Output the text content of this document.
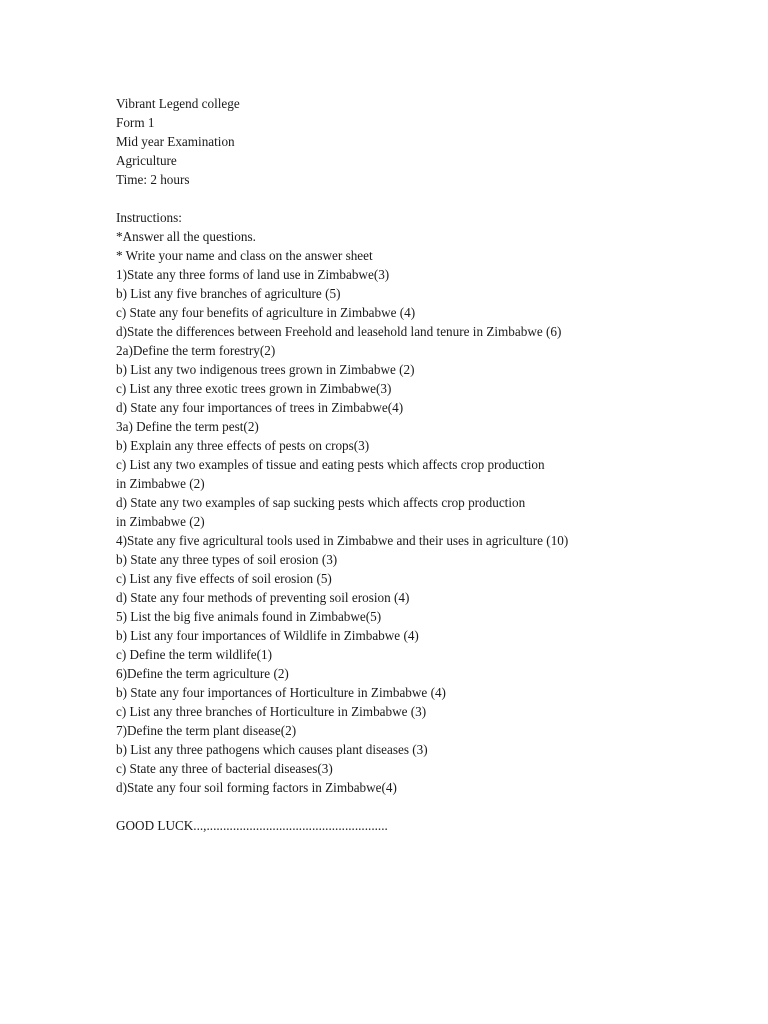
Vibrant Legend college
Form 1
Mid year Examination
Agriculture
Time: 2 hours
Instructions:
*Answer all the questions.
* Write your name and class on the answer sheet
1)State any three forms of land use in Zimbabwe(3)
b) List any five branches of agriculture (5)
c) State any four benefits of agriculture in Zimbabwe (4)
d)State the differences between Freehold and leasehold land tenure in Zimbabwe (6)
2a)Define the term forestry(2)
b) List any two indigenous trees grown in Zimbabwe (2)
c) List any three exotic trees grown in Zimbabwe(3)
d) State any four importances of trees in Zimbabwe(4)
3a) Define the term pest(2)
b) Explain any three effects of pests on crops(3)
c) List any two examples of tissue and eating pests which affects crop production
in Zimbabwe (2)
d) State any two examples of sap sucking pests which affects crop production
in Zimbabwe (2)
4)State any five agricultural tools used in Zimbabwe and their uses in agriculture (10)
b) State any three types of soil erosion (3)
c) List any five effects of soil erosion (5)
d) State any four methods of preventing soil erosion (4)
5) List the big five animals found in Zimbabwe(5)
b) List any four importances of Wildlife in Zimbabwe (4)
c) Define the term wildlife(1)
6)Define the term agriculture (2)
b) State any four importances of Horticulture in Zimbabwe (4)
c) List any three branches of Horticulture in Zimbabwe (3)
7)Define the term plant disease(2)
b) List any three pathogens which causes plant diseases (3)
c) State any three of bacterial diseases(3)
d)State any four soil forming factors in Zimbabwe(4)
GOOD LUCK...,.......................................................
